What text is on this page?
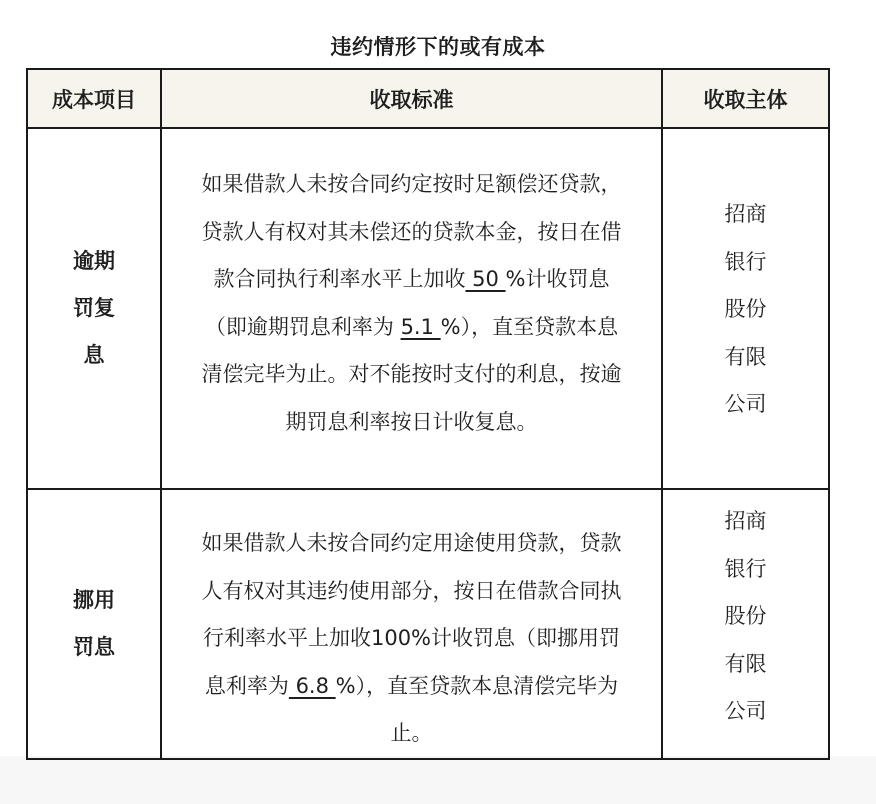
违约情形下的或有成本
成本项目	收取标准	收取主体

逾期罚复息	如果借款人未按合同约定按时足额偿还贷款，贷款人有权对其未偿还的贷款本金，按日在借款合同执行利率水平上加收 50 %计收罚息（即逾期罚息利率为 5.1 %），直至贷款本息清偿完毕为止。对不能按时支付的利息，按逾期罚息利率按日计收复息。	招商银行股份有限公司

挪用罚息	如果借款人未按合同约定用途使用贷款，贷款人有权对其违约使用部分，按日在借款合同执行利率水平上加收100%计收罚息（即挪用罚息利率为 6.8 %），直至贷款本息清偿完毕为止。	招商银行股份有限公司
